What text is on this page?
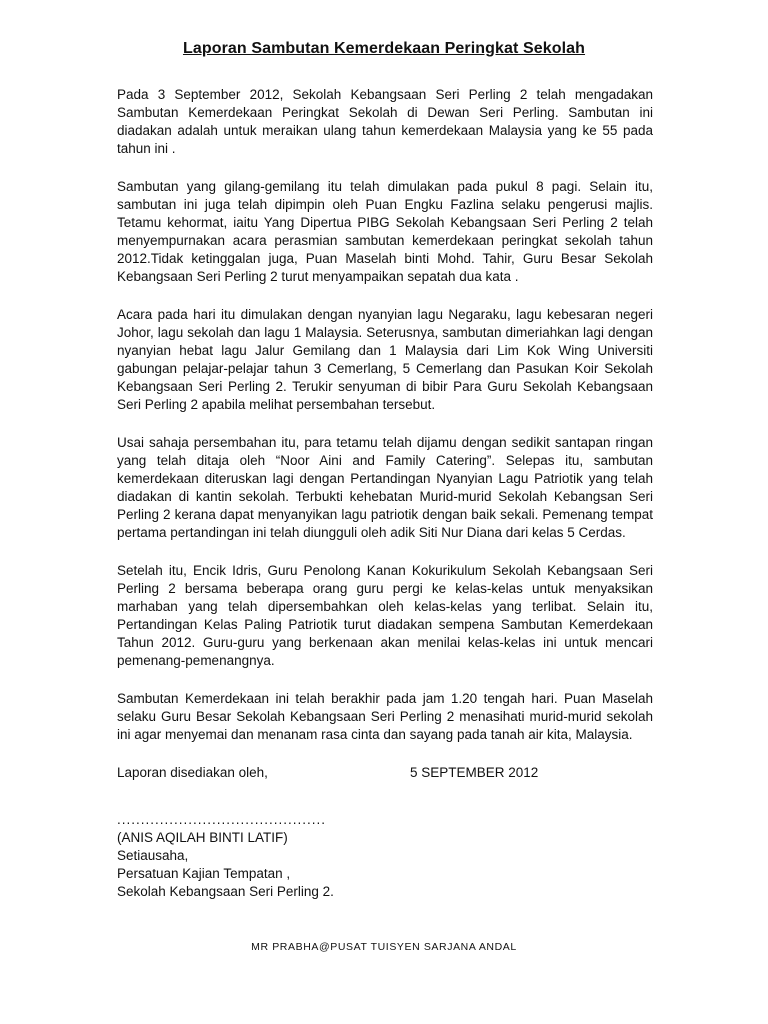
Laporan Sambutan Kemerdekaan Peringkat Sekolah

Pada 3 September 2012, Sekolah Kebangsaan Seri Perling 2 telah mengadakan Sambutan Kemerdekaan Peringkat Sekolah di Dewan Seri Perling. Sambutan ini diadakan adalah untuk meraikan ulang tahun kemerdekaan Malaysia yang ke 55 pada tahun ini .

Sambutan yang gilang-gemilang itu telah dimulakan pada pukul 8 pagi. Selain itu, sambutan ini juga telah dipimpin oleh Puan Engku Fazlina selaku pengerusi majlis. Tetamu kehormat, iaitu Yang Dipertua PIBG Sekolah Kebangsaan Seri Perling 2 telah menyempurnakan acara perasmian sambutan kemerdekaan peringkat sekolah tahun 2012.Tidak ketinggalan juga, Puan Maselah binti Mohd. Tahir, Guru Besar Sekolah Kebangsaan Seri Perling 2 turut menyampaikan sepatah dua kata .

Acara pada hari itu dimulakan dengan nyanyian lagu Negaraku, lagu kebesaran negeri Johor, lagu sekolah dan lagu 1 Malaysia. Seterusnya, sambutan dimeriahkan lagi dengan nyanyian hebat lagu Jalur Gemilang dan 1 Malaysia dari Lim Kok Wing Universiti gabungan pelajar-pelajar tahun 3 Cemerlang, 5 Cemerlang dan Pasukan Koir Sekolah Kebangsaan Seri Perling 2. Terukir senyuman di bibir Para Guru Sekolah Kebangsaan Seri Perling 2 apabila melihat persembahan tersebut.

Usai sahaja persembahan itu, para tetamu telah dijamu dengan sedikit santapan ringan yang telah ditaja oleh “Noor Aini and Family Catering”. Selepas itu, sambutan kemerdekaan diteruskan lagi dengan Pertandingan Nyanyian Lagu Patriotik yang telah diadakan di kantin sekolah. Terbukti kehebatan Murid-murid Sekolah Kebangsan Seri Perling 2 kerana dapat menyanyikan lagu patriotik dengan baik sekali. Pemenang tempat pertama pertandingan ini telah diungguli oleh adik Siti Nur Diana dari kelas 5 Cerdas.

Setelah itu, Encik Idris, Guru Penolong Kanan Kokurikulum Sekolah Kebangsaan Seri Perling 2 bersama beberapa orang guru pergi ke kelas-kelas untuk menyaksikan marhaban yang telah dipersembahkan oleh kelas-kelas yang terlibat. Selain itu, Pertandingan Kelas Paling Patriotik turut diadakan sempena Sambutan Kemerdekaan Tahun 2012. Guru-guru yang berkenaan akan menilai kelas-kelas ini untuk mencari pemenang-pemenangnya.

Sambutan Kemerdekaan ini telah berakhir pada jam 1.20 tengah hari. Puan Maselah selaku Guru Besar Sekolah Kebangsaan Seri Perling 2 menasihati murid-murid sekolah ini agar menyemai dan menanam rasa cinta dan sayang pada tanah air kita, Malaysia.

Laporan disediakan oleh,	5 SEPTEMBER 2012
............................................
(ANIS AQILAH BINTI LATIF)
Setiausaha,
Persatuan Kajian Tempatan ,
Sekolah Kebangsaan Seri Perling 2.
MR PRABHA@PUSAT TUISYEN SARJANA ANDAL
